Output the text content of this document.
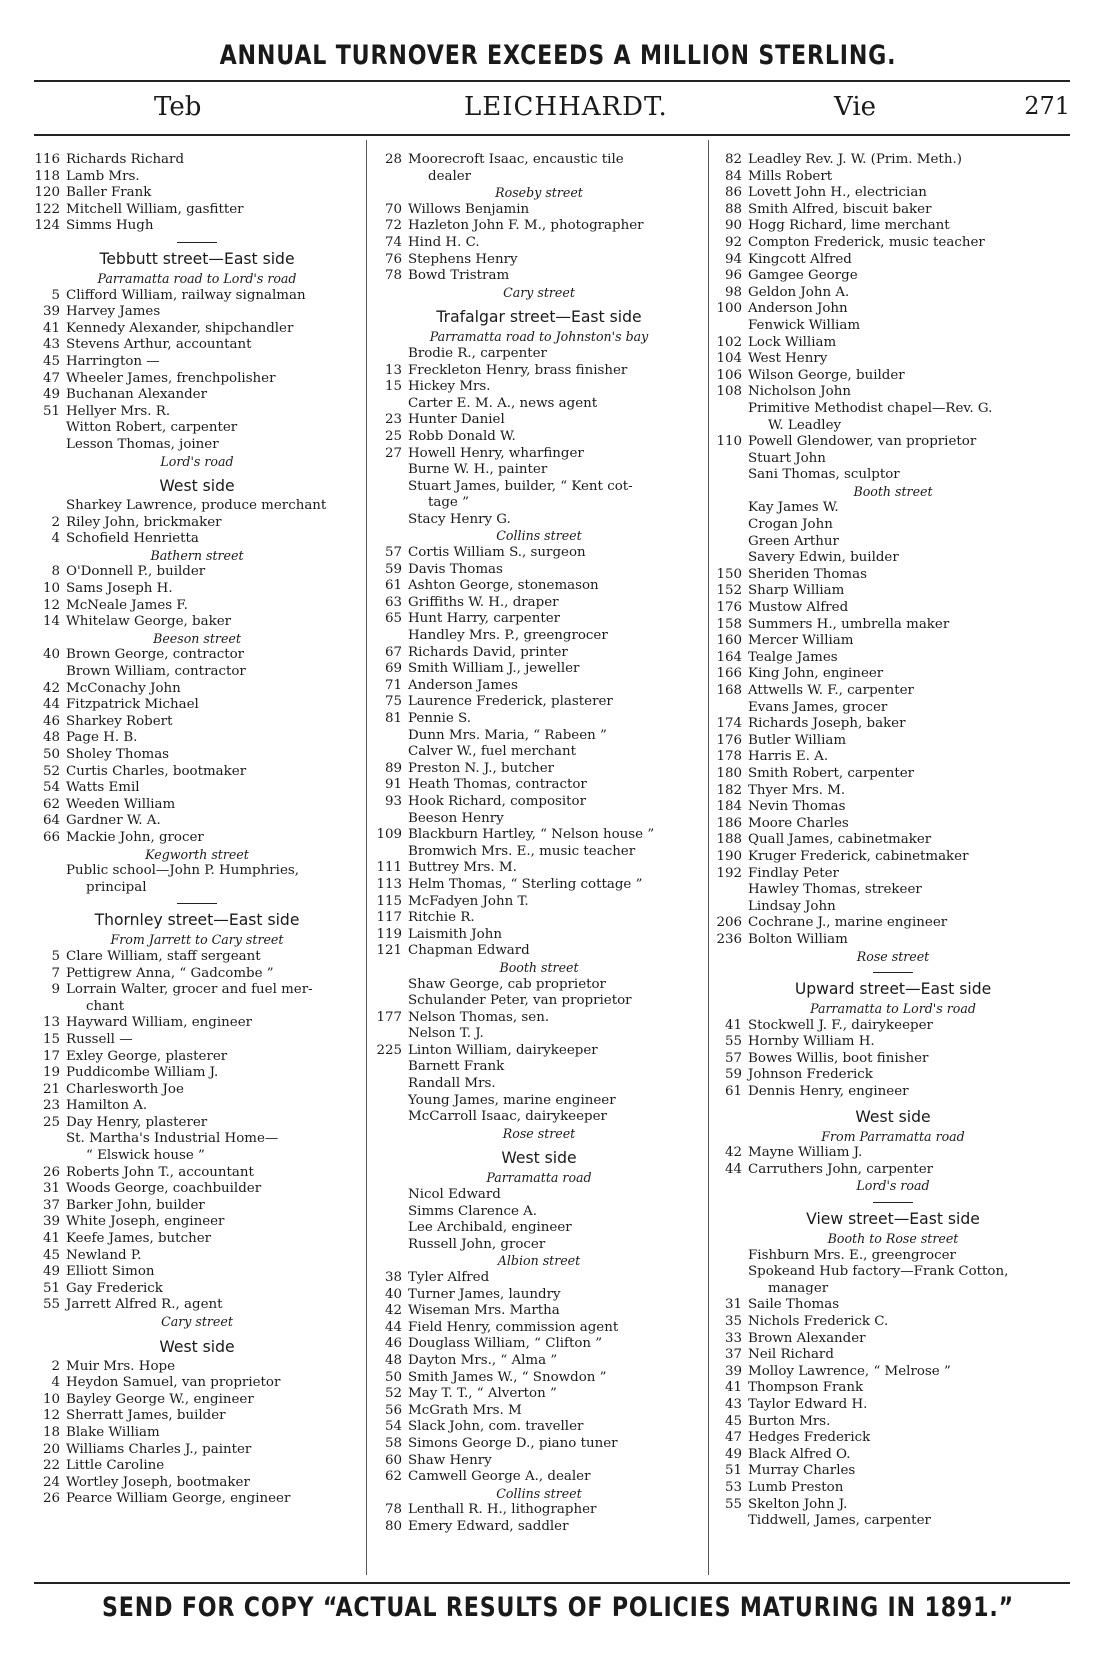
ANNUAL TURNOVER EXCEEDS A MILLION STERLING.
Teb	LEICHHARDT.	Vie	271
116 Richards Richard
118 Lamb Mrs.
120 Baller Frank
122 Mitchell William, gasfitter
124 Simms Hugh
Tebbutt street—East side
Parramatta road to Lord's road
5 Clifford William, railway signalman
39 Harvey James
41 Kennedy Alexander, shipchandler
43 Stevens Arthur, accountant
45 Harrington —
47 Wheeler James, frenchpolisher
49 Buchanan Alexander
51 Hellyer Mrs. R.
Witton Robert, carpenter
Lesson Thomas, joiner
Lord's road
West side
Sharkey Lawrence, produce merchant
2 Riley John, brickmaker
4 Schofield Henrietta
Bathern street
8 O'Donnell P., builder
10 Sams Joseph H.
12 McNeale James F.
14 Whitelaw George, baker
Beeson street
40 Brown George, contractor
Brown William, contractor
42 McConachy John
44 Fitzpatrick Michael
46 Sharkey Robert
48 Page H. B.
50 Sholey Thomas
52 Curtis Charles, bootmaker
54 Watts Emil
62 Weeden William
64 Gardner W. A.
66 Mackie John, grocer
Kegworth street
Public school—John P. Humphries,
principal
Thornley street—East side
From Jarrett to Cary street
5 Clare William, staff sergeant
7 Pettigrew Anna, “ Gadcombe ”
9 Lorrain Walter, grocer and fuel mer-
chant
13 Hayward William, engineer
15 Russell —
17 Exley George, plasterer
19 Puddicombe William J.
21 Charlesworth Joe
23 Hamilton A.
25 Day Henry, plasterer
St. Martha's Industrial Home—
“ Elswick house ”
26 Roberts John T., accountant
31 Woods George, coachbuilder
37 Barker John, builder
39 White Joseph, engineer
41 Keefe James, butcher
45 Newland P.
49 Elliott Simon
51 Gay Frederick
55 Jarrett Alfred R., agent
Cary street
West side
2 Muir Mrs. Hope
4 Heydon Samuel, van proprietor
10 Bayley George W., engineer
12 Sherratt James, builder
18 Blake William
20 Williams Charles J., painter
22 Little Caroline
24 Wortley Joseph, bootmaker
26 Pearce William George, engineer
28 Moorecroft Isaac, encaustic tile
dealer
Roseby street
70 Willows Benjamin
72 Hazleton John F. M., photographer
74 Hind H. C.
76 Stephens Henry
78 Bowd Tristram
Cary street
Trafalgar street—East side
Parramatta road to Johnston's bay
Brodie R., carpenter
13 Freckleton Henry, brass finisher
15 Hickey Mrs.
Carter E. M. A., news agent
23 Hunter Daniel
25 Robb Donald W.
27 Howell Henry, wharfinger
Burne W. H., painter
Stuart James, builder, “ Kent cot-
tage ”
Stacy Henry G.
Collins street
57 Cortis William S., surgeon
59 Davis Thomas
61 Ashton George, stonemason
63 Griffiths W. H., draper
65 Hunt Harry, carpenter
Handley Mrs. P., greengrocer
67 Richards David, printer
69 Smith William J., jeweller
71 Anderson James
75 Laurence Frederick, plasterer
81 Pennie S.
Dunn Mrs. Maria, “ Rabeen ”
Calver W., fuel merchant
89 Preston N. J., butcher
91 Heath Thomas, contractor
93 Hook Richard, compositor
Beeson Henry
109 Blackburn Hartley, “ Nelson house ”
Bromwich Mrs. E., music teacher
111 Buttrey Mrs. M.
113 Helm Thomas, “ Sterling cottage ”
115 McFadyen John T.
117 Ritchie R.
119 Laismith John
121 Chapman Edward
Booth street
Shaw George, cab proprietor
Schulander Peter, van proprietor
177 Nelson Thomas, sen.
Nelson T. J.
225 Linton William, dairykeeper
Barnett Frank
Randall Mrs.
Young James, marine engineer
McCarroll Isaac, dairykeeper
Rose street
West side
Parramatta road
Nicol Edward
Simms Clarence A.
Lee Archibald, engineer
Russell John, grocer
Albion street
38 Tyler Alfred
40 Turner James, laundry
42 Wiseman Mrs. Martha
44 Field Henry, commission agent
46 Douglass William, “ Clifton ”
48 Dayton Mrs., “ Alma ”
50 Smith James W., “ Snowdon ”
52 May T. T., “ Alverton ”
56 McGrath Mrs. M
54 Slack John, com. traveller
58 Simons George D., piano tuner
60 Shaw Henry
62 Camwell George A., dealer
Collins street
78 Lenthall R. H., lithographer
80 Emery Edward, saddler
82 Leadley Rev. J. W. (Prim. Meth.)
84 Mills Robert
86 Lovett John H., electrician
88 Smith Alfred, biscuit baker
90 Hogg Richard, lime merchant
92 Compton Frederick, music teacher
94 Kingcott Alfred
96 Gamgee George
98 Geldon John A.
100 Anderson John
Fenwick William
102 Lock William
104 West Henry
106 Wilson George, builder
108 Nicholson John
Primitive Methodist chapel—Rev. G.
W. Leadley
110 Powell Glendower, van proprietor
Stuart John
Sani Thomas, sculptor
Booth street
Kay James W.
Crogan John
Green Arthur
Savery Edwin, builder
150 Sheriden Thomas
152 Sharp William
176 Mustow Alfred
158 Summers H., umbrella maker
160 Mercer William
164 Tealge James
166 King John, engineer
168 Attwells W. F., carpenter
Evans James, grocer
174 Richards Joseph, baker
176 Butler William
178 Harris E. A.
180 Smith Robert, carpenter
182 Thyer Mrs. M.
184 Nevin Thomas
186 Moore Charles
188 Quall James, cabinetmaker
190 Kruger Frederick, cabinetmaker
192 Findlay Peter
Hawley Thomas, strekeer
Lindsay John
206 Cochrane J., marine engineer
236 Bolton William
Rose street
Upward street—East side
Parramatta to Lord's road
41 Stockwell J. F., dairykeeper
55 Hornby William H.
57 Bowes Willis, boot finisher
59 Johnson Frederick
61 Dennis Henry, engineer
West side
From Parramatta road
42 Mayne William J.
44 Carruthers John, carpenter
Lord's road
View street—East side
Booth to Rose street
Fishburn Mrs. E., greengrocer
Spokeand Hub factory—Frank Cotton,
manager
31 Saile Thomas
35 Nichols Frederick C.
33 Brown Alexander
37 Neil Richard
39 Molloy Lawrence, “ Melrose ”
41 Thompson Frank
43 Taylor Edward H.
45 Burton Mrs.
47 Hedges Frederick
49 Black Alfred O.
51 Murray Charles
53 Lumb Preston
55 Skelton John J.
Tiddwell, James, carpenter
SEND FOR COPY “ACTUAL RESULTS OF POLICIES MATURING IN 1891.”
